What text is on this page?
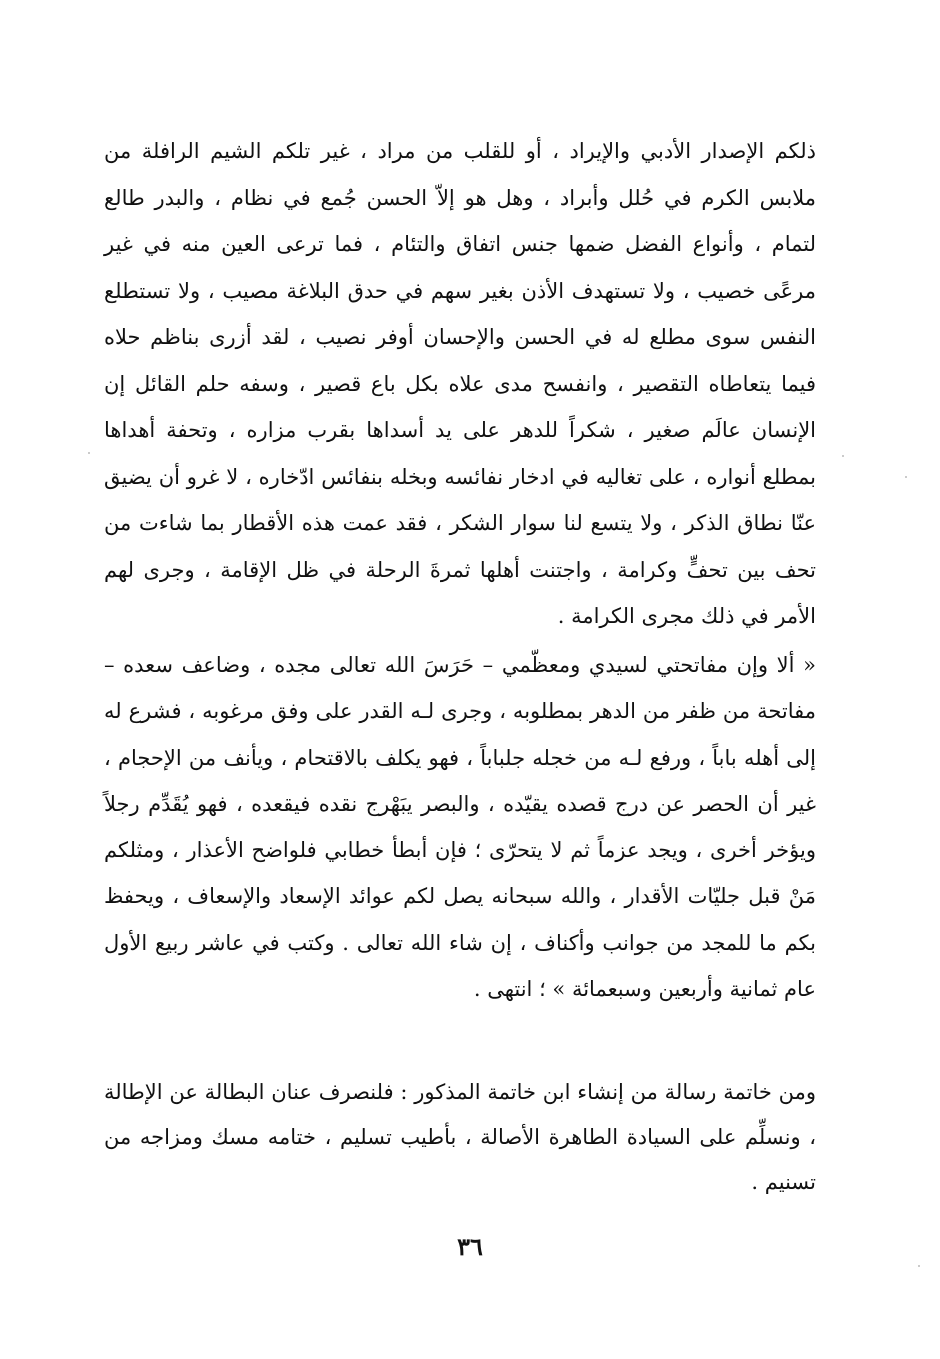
ذلكم الإصدار الأدبي والإيراد ، أو للقلب من مراد ، غير تلكم الشيم الرافلة من ملابس الكرم في حُلل وأبراد ، وهل هو إلاّ الحسن جُمع في نظام ، والبدر طالع لتمام ، وأنواع الفضل ضمها جنس اتفاق والتئام ، فما ترعى العين منه في غير مرعًى خصيب ، ولا تستهدف الأذن بغير سهم في حدق البلاغة مصيب ، ولا تستطلع النفس سوى مطلع له في الحسن والإحسان أوفر نصيب ، لقد أزرى بناظم حلاه فيما يتعاطاه التقصير ، وانفسح مدى علاه بكل باع قصير ، وسفه حلم القائل إن الإنسان عالَم صغير ، شكراً للدهر على يد أسداها بقرب مزاره ، وتحفة أهداها بمطلع أنواره ، على تغاليه في ادخار نفائسه وبخله بنفائس ادّخاره ، لا غرو أن يضيق عنّا نطاق الذكر ، ولا يتسع لنا سوار الشكر ، فقد عمت هذه الأقطار بما شاءت من تحف بين تحفٍّ وكرامة ، واجتنت أهلها ثمرةَ الرحلة في ظل الإقامة ، وجرى لهم الأمر في ذلك مجرى الكرامة .

« ألا وإن مفاتحتي لسيدي ومعظّمي – حَرَسَ الله تعالى مجده ، وضاعف سعده – مفاتحة من ظفر من الدهر بمطلوبه ، وجرى لـه القدر على وفق مرغوبه ، فشرع له إلى أهله باباً ، ورفع لـه من خجله جلباباً ، فهو يكلف بالاقتحام ، ويأنف من الإحجام ، غير أن الحصر عن درج قصده يقيّده ، والبصر يبَهْرج نقده فيقعده ، فهو يُقَدِّم رجلاً ويؤخر أخرى ، ويجد عزماً ثم لا يتحرّى ؛ فإن أبطأ خطابي فلواضح الأعذار ، ومثلكم مَنْ قبل جليّات الأقدار ، والله سبحانه يصل لكم عوائد الإسعاد والإسعاف ، ويحفظ بكم ما للمجد من جوانب وأكناف ، إن شاء الله تعالى . وكتب في عاشر ربيع الأول عام ثمانية وأربعين وسبعمائة » ؛ انتهى .

ومن خاتمة رسالة من إنشاء ابن خاتمة المذكور : فلنصرف عنان البطالة عن الإطالة ، ونسلِّم على السيادة الطاهرة الأصالة ، بأطيب تسليم ، ختامه مسك ومزاجه من تسنيم .

٣٦
